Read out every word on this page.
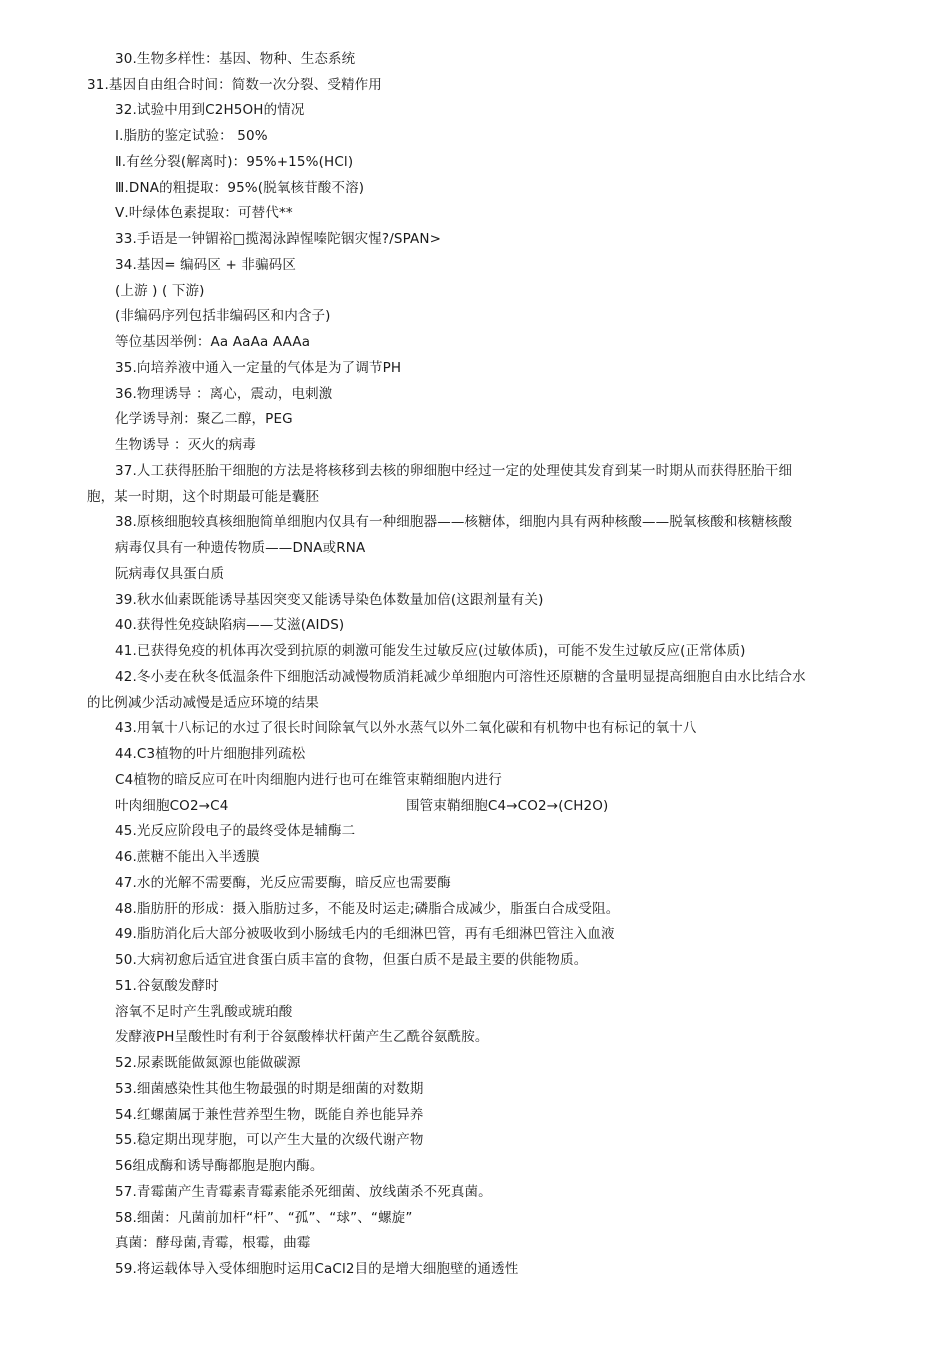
30.生物多样性：基因、物种、生态系统
31.基因自由组合时间：简数一次分裂、受精作用
32.试验中用到C2H5OH的情况
Ⅰ.脂肪的鉴定试验： 50%
Ⅱ.有丝分裂(解离时)：95%+15%(HCl)
Ⅲ.DNA的粗提取：95%(脱氧核苷酸不溶)
Ⅴ.叶绿体色素提取：可替代**
33.手语是一钟镅裕□揽渴泳踔惺嗪陀铟灾惺?/SPAN>
34.基因= 编码区 + 非骗码区
(上游 ) ( 下游)
(非编码序列包括非编码区和内含子)
等位基因举例：Aa AaAa AAAa
35.向培养液中通入一定量的气体是为了调节PH
36.物理诱导 ：离心，震动，电刺激
化学诱导剂：聚乙二醇，PEG
生物诱导 ：灭火的病毒
37.人工获得胚胎干细胞的方法是将核移到去核的卵细胞中经过一定的处理使其发育到某一时期从而获得胚胎干细
胞，某一时期，这个时期最可能是囊胚
38.原核细胞较真核细胞简单细胞内仅具有一种细胞器——核糖体，细胞内具有两种核酸——脱氧核酸和核糖核酸
病毒仅具有一种遗传物质——DNA或RNA
阮病毒仅具蛋白质
39.秋水仙素既能诱导基因突变又能诱导染色体数量加倍(这跟剂量有关)
40.获得性免疫缺陷病——艾滋(AIDS)
41.已获得免疫的机体再次受到抗原的刺激可能发生过敏反应(过敏体质)，可能不发生过敏反应(正常体质)
42.冬小麦在秋冬低温条件下细胞活动减慢物质消耗减少单细胞内可溶性还原糖的含量明显提高细胞自由水比结合水
的比例减少活动减慢是适应环境的结果
43.用氧十八标记的水过了很长时间除氧气以外水蒸气以外二氧化碳和有机物中也有标记的氧十八
44.C3植物的叶片细胞排列疏松
C4植物的暗反应可在叶肉细胞内进行也可在维管束鞘细胞内进行
叶肉细胞CO2→C4	围管束鞘细胞C4→CO2→(CH2O)
45.光反应阶段电子的最终受体是辅酶二
46.蔗糖不能出入半透膜
47.水的光解不需要酶，光反应需要酶，暗反应也需要酶
48.脂肪肝的形成：摄入脂肪过多，不能及时运走;磷脂合成减少，脂蛋白合成受阻。
49.脂肪消化后大部分被吸收到小肠绒毛内的毛细淋巴管，再有毛细淋巴管注入血液
50.大病初愈后适宜进食蛋白质丰富的食物，但蛋白质不是最主要的供能物质。
51.谷氨酸发酵时
溶氧不足时产生乳酸或琥珀酸
发酵液PH呈酸性时有利于谷氨酸棒状杆菌产生乙酰谷氨酰胺。
52.尿素既能做氮源也能做碳源
53.细菌感染性其他生物最强的时期是细菌的对数期
54.红螺菌属于兼性营养型生物，既能自养也能异养
55.稳定期出现芽胞，可以产生大量的次级代谢产物
56组成酶和诱导酶都胞是胞内酶。
57.青霉菌产生青霉素青霉素能杀死细菌、放线菌杀不死真菌。
58.细菌：凡菌前加杆“杆”、“孤”、“球”、“螺旋”
真菌：酵母菌,青霉，根霉，曲霉
59.将运载体导入受体细胞时运用CaCl2目的是增大细胞壁的通透性
